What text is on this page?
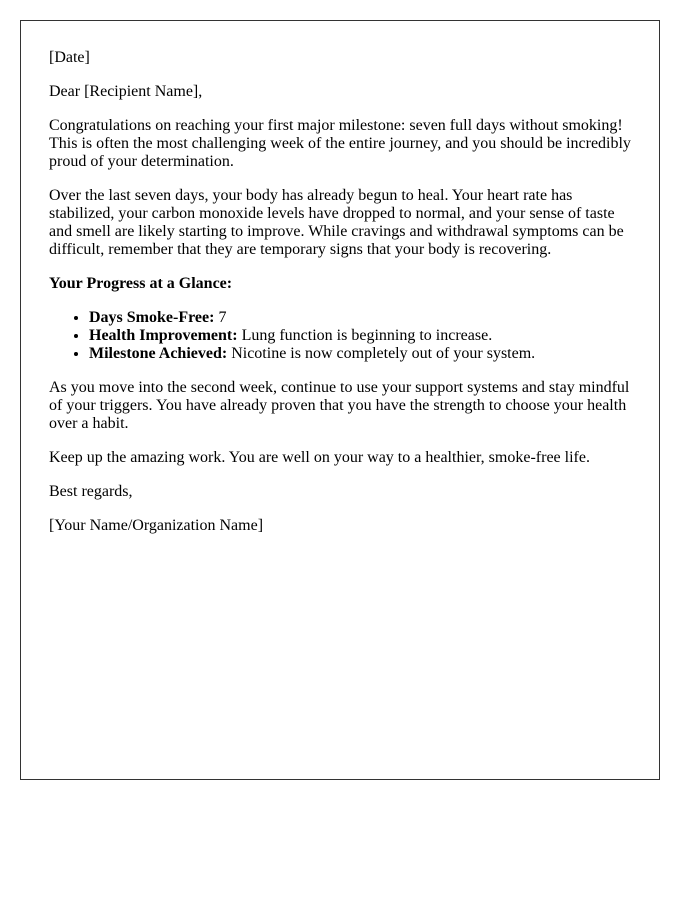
[Date]

Dear [Recipient Name],

Congratulations on reaching your first major milestone: seven full days without smoking! This is often the most challenging week of the entire journey, and you should be incredibly proud of your determination.

Over the last seven days, your body has already begun to heal. Your heart rate has stabilized, your carbon monoxide levels have dropped to normal, and your sense of taste and smell are likely starting to improve. While cravings and withdrawal symptoms can be difficult, remember that they are temporary signs that your body is recovering.

Your Progress at a Glance:

• Days Smoke-Free: 7
• Health Improvement: Lung function is beginning to increase.
• Milestone Achieved: Nicotine is now completely out of your system.

As you move into the second week, continue to use your support systems and stay mindful of your triggers. You have already proven that you have the strength to choose your health over a habit.

Keep up the amazing work. You are well on your way to a healthier, smoke-free life.

Best regards,

[Your Name/Organization Name]
